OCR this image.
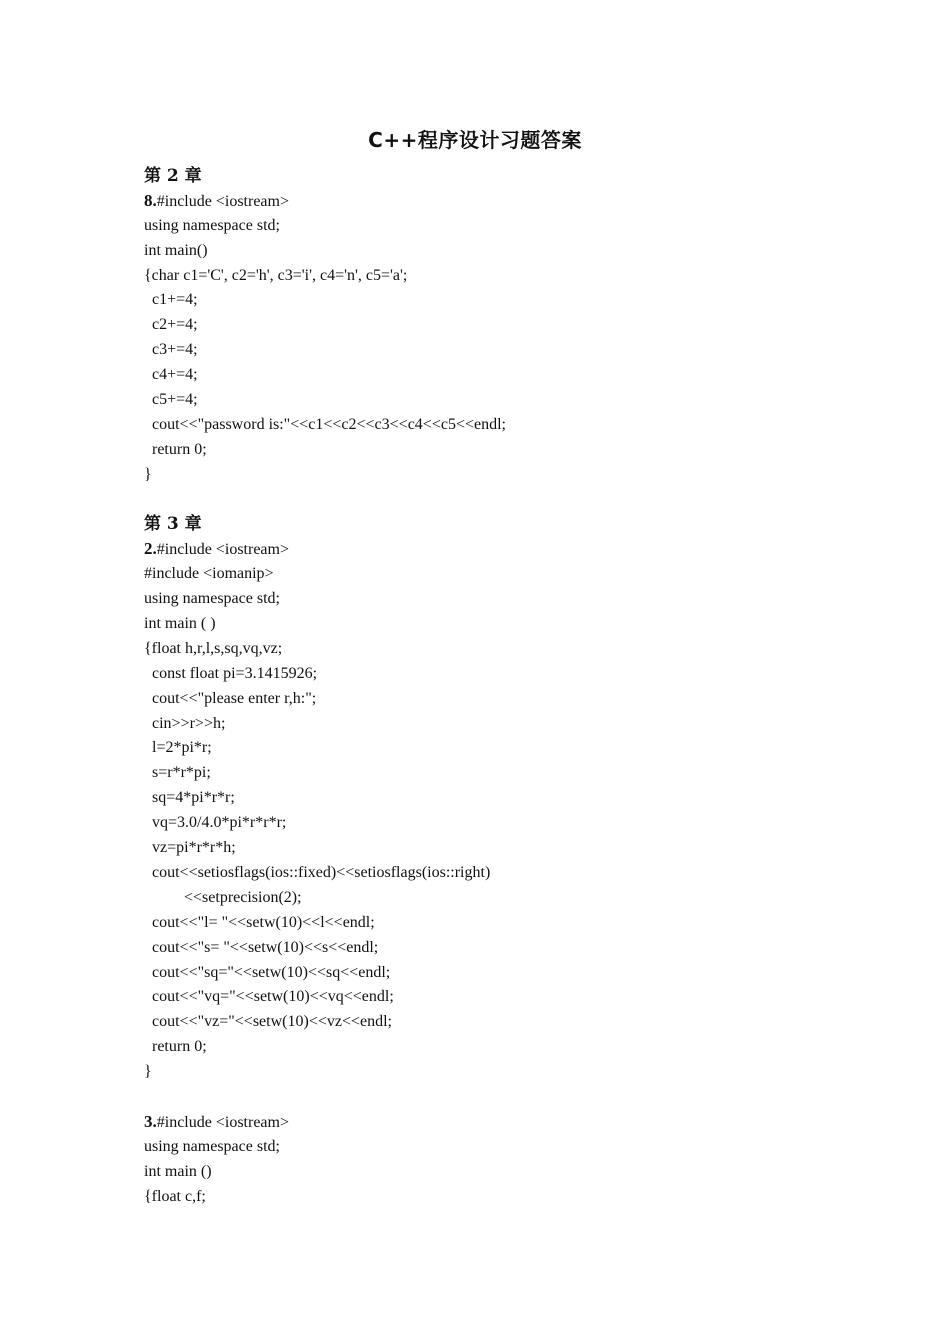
C++程序设计习题答案
第 2 章
8.#include <iostream>
using namespace std;
int main()
{char c1='C', c2='h', c3='i', c4='n', c5='a';
c1+=4;
c2+=4;
c3+=4;
c4+=4;
c5+=4;
cout<<"password is:"<<c1<<c2<<c3<<c4<<c5<<endl;
return 0;
}
第 3 章
2.#include <iostream>
#include <iomanip>
using namespace std;
int main ( )
{float h,r,l,s,sq,vq,vz;
const float pi=3.1415926;
cout<<"please enter r,h:";
cin>>r>>h;
l=2*pi*r;
s=r*r*pi;
sq=4*pi*r*r;
vq=3.0/4.0*pi*r*r*r;
vz=pi*r*r*h;
cout<<setiosflags(ios::fixed)<<setiosflags(ios::right)
<<setprecision(2);
cout<<"l= "<<setw(10)<<l<<endl;
cout<<"s= "<<setw(10)<<s<<endl;
cout<<"sq="<<setw(10)<<sq<<endl;
cout<<"vq="<<setw(10)<<vq<<endl;
cout<<"vz="<<setw(10)<<vz<<endl;
return 0;
}
3.#include <iostream>
using namespace std;
int main ()
{float c,f;
